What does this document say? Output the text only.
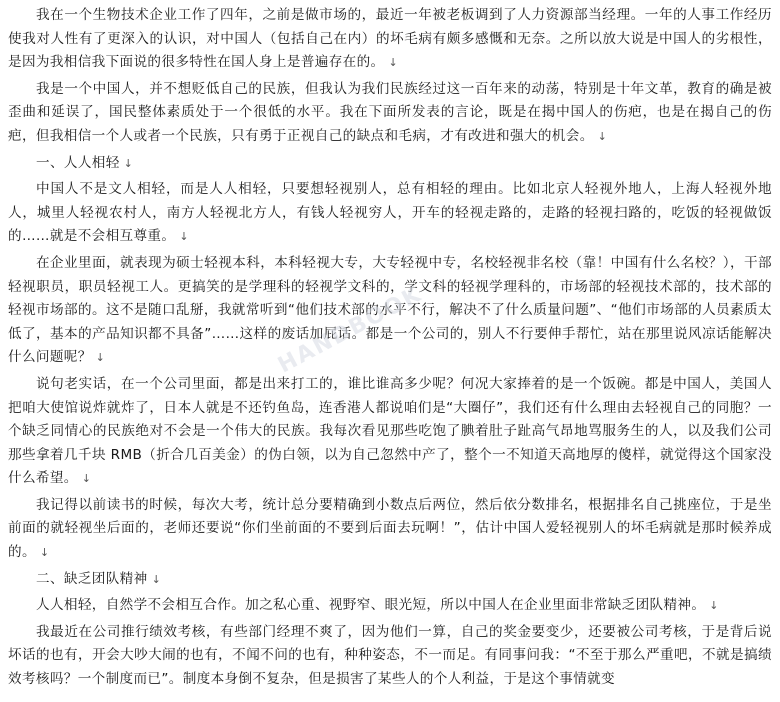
我在一个生物技术企业工作了四年，之前是做市场的，最近一年被老板调到了人力资源部当经理。一年的人事工作经历使我对人性有了更深入的认识，对中国人（包括自己在内）的坏毛病有颇多感慨和无奈。之所以放大说是中国人的劣根性，是因为我相信我下面说的很多特性在国人身上是普遍存在的。 ↓

我是一个中国人，并不想贬低自己的民族，但我认为我们民族经过这一百年来的动荡，特别是十年文革，教育的确是被歪曲和延误了，国民整体素质处于一个很低的水平。我在下面所发表的言论，既是在揭中国人的伤疤，也是在揭自己的伤疤，但我相信一个人或者一个民族，只有勇于正视自己的缺点和毛病，才有改进和强大的机会。 ↓

一、人人相轻 ↓

中国人不是文人相轻，而是人人相轻，只要想轻视别人，总有相轻的理由。比如北京人轻视外地人，上海人轻视外地人，城里人轻视农村人，南方人轻视北方人，有钱人轻视穷人，开车的轻视走路的，走路的轻视扫路的，吃饭的轻视做饭的……就是不会相互尊重。 ↓

在企业里面，就表现为硕士轻视本科，本科轻视大专，大专轻视中专，名校轻视非名校（靠！中国有什么名校？），干部轻视职员，职员轻视工人。更搞笑的是学理科的轻视学文科的，学文科的轻视学理科的，市场部的轻视技术部的，技术部的轻视市场部的。这不是随口乱掰，我就常听到“他们技术部的水平不行，解决不了什么质量问题”、“他们市场部的人员素质太低了，基本的产品知识都不具备”……这样的废话加屁话。都是一个公司的，别人不行要伸手帮忙，站在那里说风凉话能解决什么问题呢？ ↓

说句老实话，在一个公司里面，都是出来打工的，谁比谁高多少呢？何况大家捧着的是一个饭碗。都是中国人，美国人把咱大使馆说炸就炸了，日本人就是不还钓鱼岛，连香港人都说咱们是“大圈仔”，我们还有什么理由去轻视自己的同胞？一个缺乏同情心的民族绝对不会是一个伟大的民族。我每次看见那些吃饱了腆着肚子趾高气昂地骂服务生的人，以及我们公司那些拿着几千块 RMB（折合几百美金）的伪白领，以为自己忽然中产了，整个一不知道天高地厚的傻样，就觉得这个国家没什么希望。 ↓

我记得以前读书的时候，每次大考，统计总分要精确到小数点后两位，然后依分数排名，根据排名自己挑座位，于是坐前面的就轻视坐后面的，老师还要说“你们坐前面的不要到后面去玩啊！”，估计中国人爱轻视别人的坏毛病就是那时候养成的。 ↓

二、缺乏团队精神 ↓

人人相轻，自然学不会相互合作。加之私心重、视野窄、眼光短，所以中国人在企业里面非常缺乏团队精神。 ↓

我最近在公司推行绩效考核，有些部门经理不爽了，因为他们一算，自己的奖金要变少，还要被公司考核，于是背后说坏话的也有，开会大吵大闹的也有，不闻不问的也有，种种姿态，不一而足。有同事问我：“不至于那么严重吧，不就是搞绩效考核吗？一个制度而已”。制度本身倒不复杂，但是损害了某些人的个人利益，于是这个事情就变

HANDBOOK
